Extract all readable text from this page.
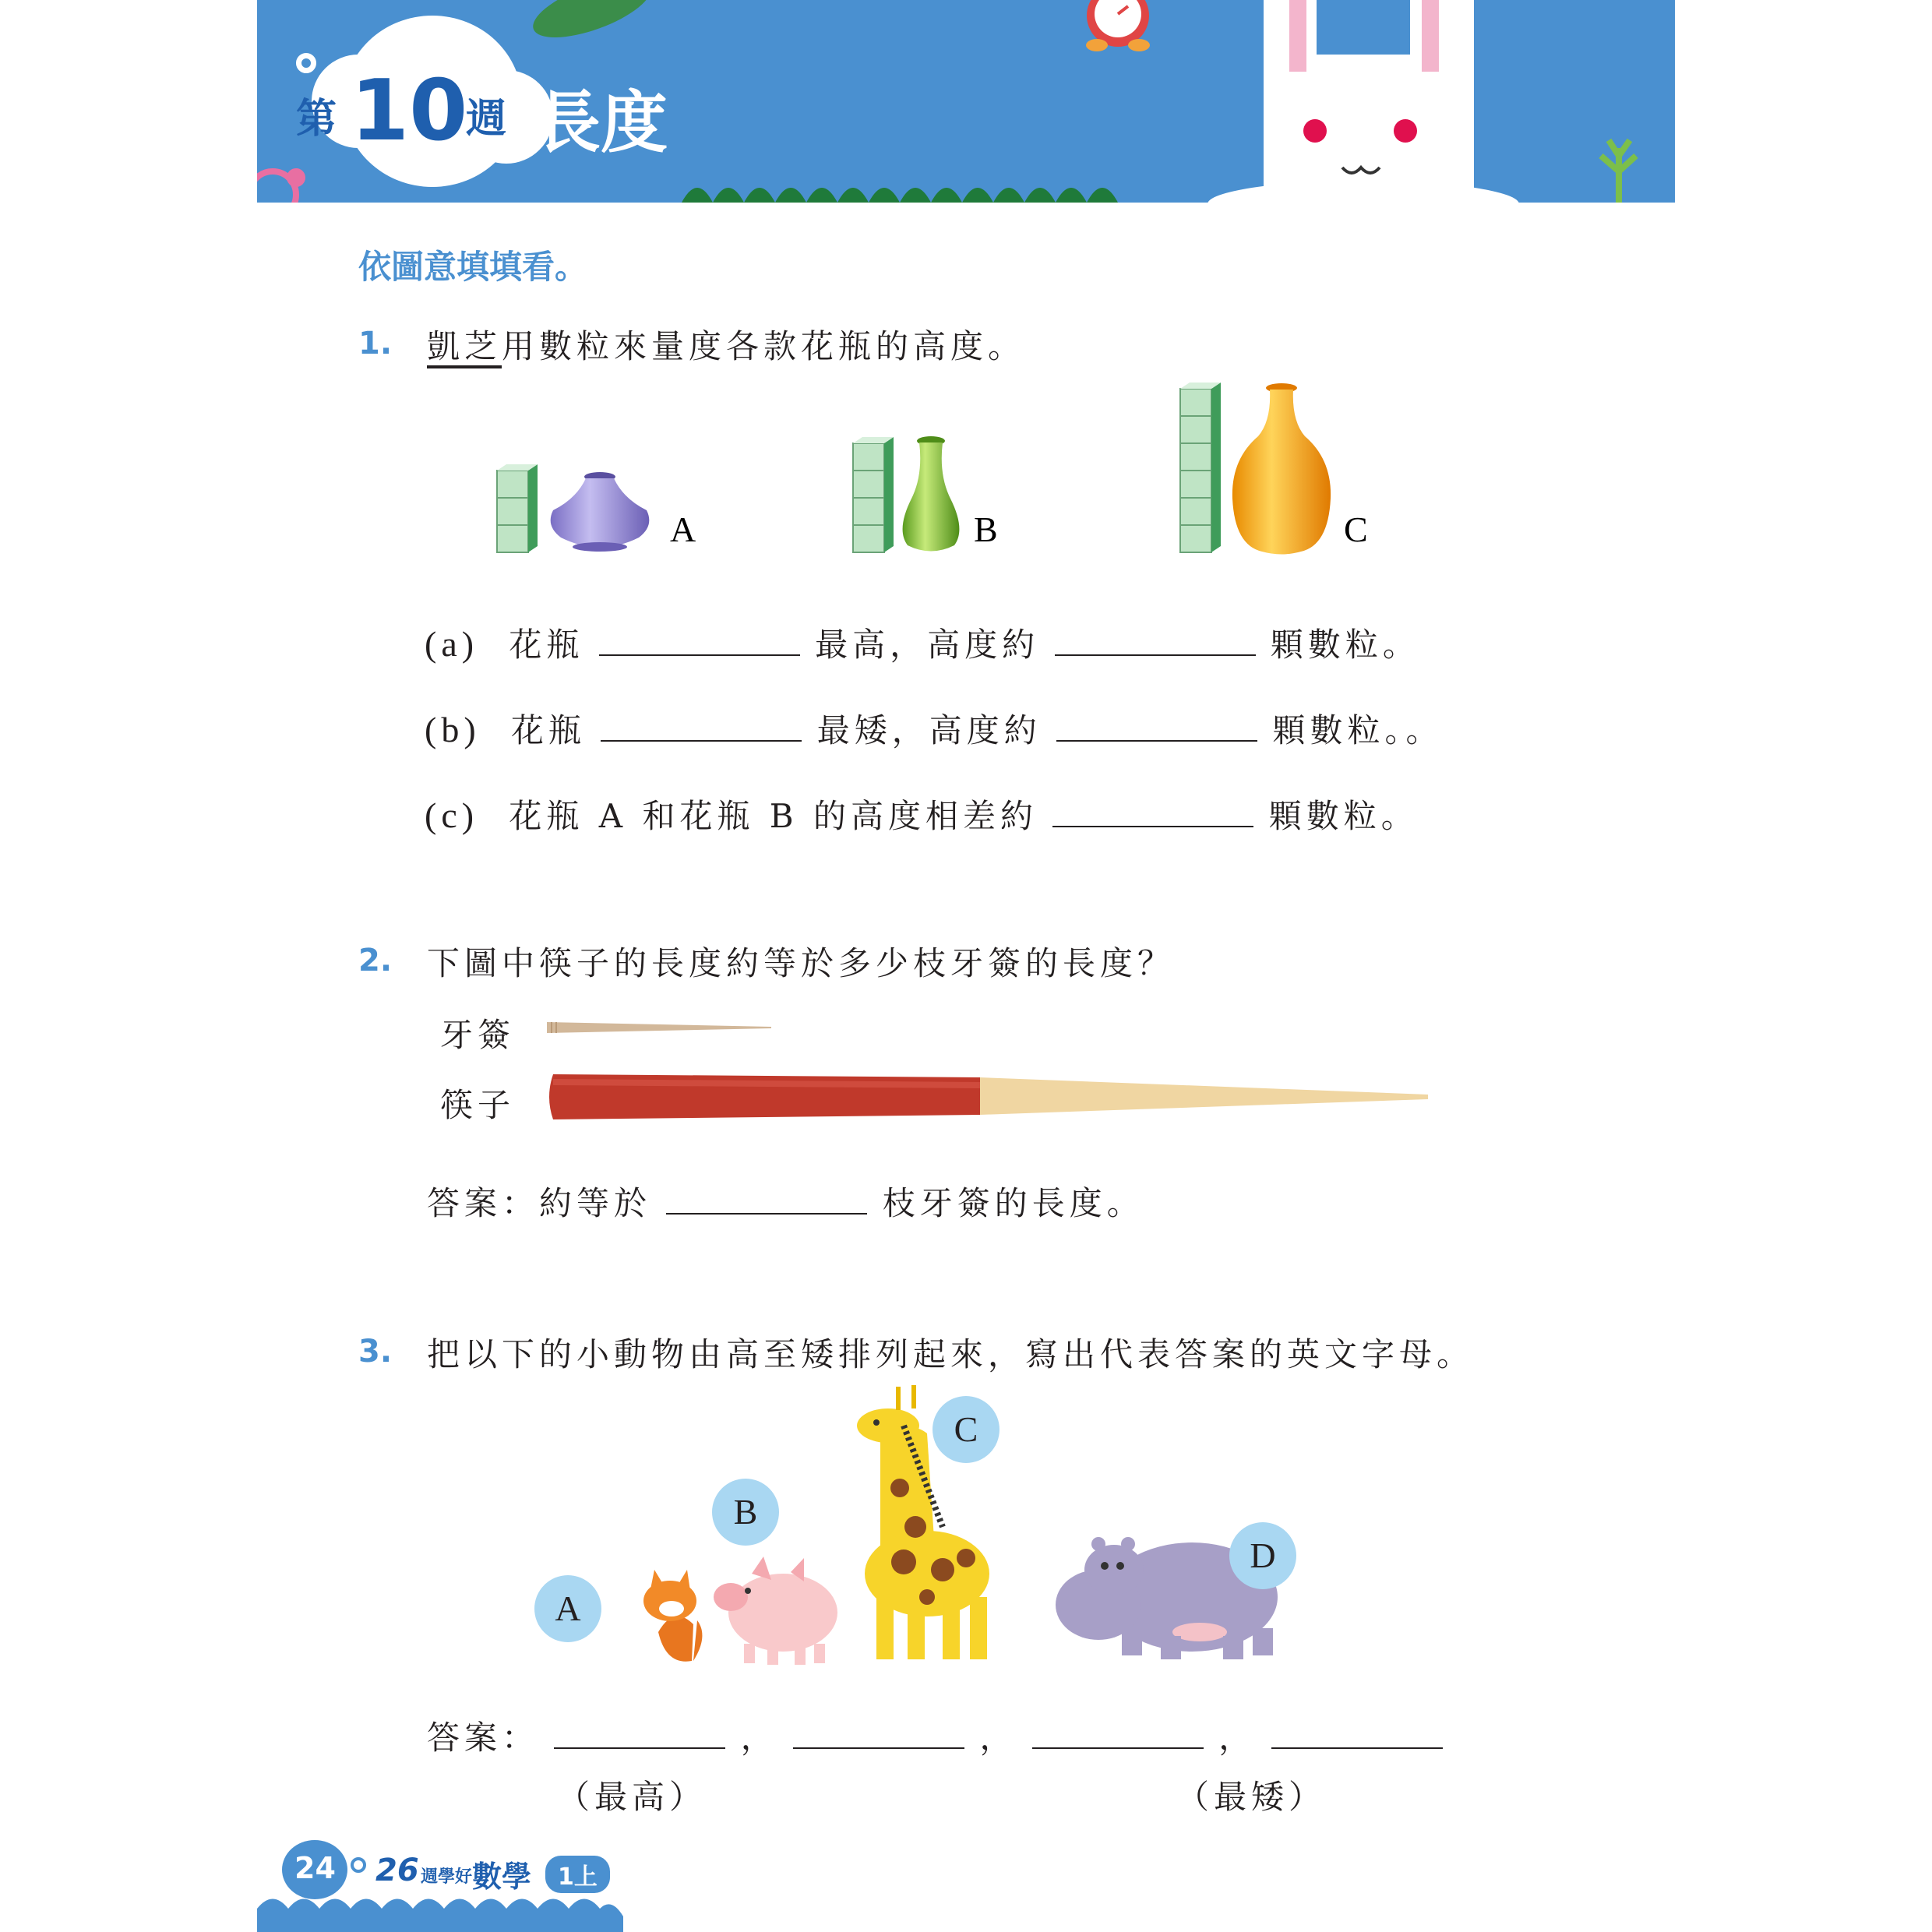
第 10
週 長度
依圖意填填看。
1. 凱芝用數粒來量度各款花瓶的高度。
A	B	C
(a) 花瓶	最高，高度約	顆數粒。
(b) 花瓶	最矮，高度約	顆數粒。。
(c) 花瓶 A 和花瓶 B 的高度相差約	顆數粒。
2. 下圖中筷子的長度約等於多少枝牙簽的長度？
牙簽
筷子
答案：約等於	枝牙簽的長度。
3. 把以下的小動物由高至矮排列起來，寫出代表答案的英文字母。
A
B
C
D
答案：	，	，	，
（最高）	（最矮）
24 26 週學好 數學	1上
